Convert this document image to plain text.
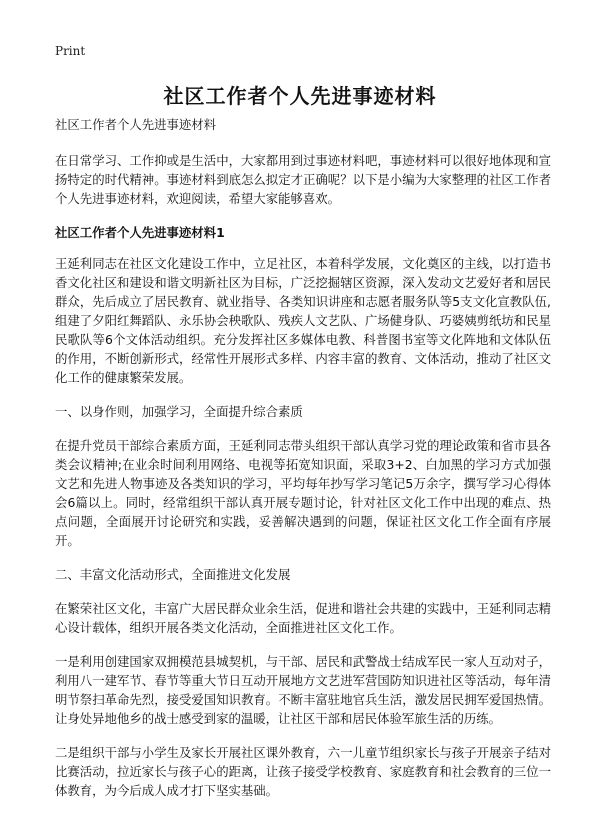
Print
社区工作者个人先进事迹材料

社区工作者个人先进事迹材料

在日常学习、工作抑或是生活中，大家都用到过事迹材料吧，事迹材料可以很好地体现和宣扬特定的时代精神。事迹材料到底怎么拟定才正确呢？以下是小编为大家整理的社区工作者个人先进事迹材料，欢迎阅读，希望大家能够喜欢。

社区工作者个人先进事迹材料1

王延利同志在社区文化建设工作中，立足社区，本着科学发展，文化奠区的主线，以打造书香文化社区和建设和谐文明新社区为目标，广泛挖掘辖区资源，深入发动文艺爱好者和居民群众，先后成立了居民教育、就业指导、各类知识讲座和志愿者服务队等5支文化宣教队伍,组建了夕阳红舞蹈队、永乐协会秧歌队、残疾人文艺队、广场健身队、巧婆姨剪纸坊和民星民歌队等6个文体活动组织。充分发挥社区多媒体电教、科普图书室等文化阵地和文体队伍的作用，不断创新形式，经常性开展形式多样、内容丰富的教育、文体活动，推动了社区文化工作的健康繁荣发展。

一、以身作则，加强学习，全面提升综合素质

在提升党员干部综合素质方面，王延利同志带头组织干部认真学习党的理论政策和省市县各类会议精神;在业余时间利用网络、电视等拓宽知识面，采取3+2、白加黑的学习方式加强文艺和先进人物事迹及各类知识的学习，平均每年抄写学习笔记5万余字，撰写学习心得体会6篇以上。同时，经常组织干部认真开展专题讨论，针对社区文化工作中出现的难点、热点问题，全面展开讨论研究和实践，妥善解决遇到的问题，保证社区文化工作全面有序展开。

二、丰富文化活动形式，全面推进文化发展

在繁荣社区文化，丰富广大居民群众业余生活，促进和谐社会共建的实践中，王延利同志精心设计载体，组织开展各类文化活动，全面推进社区文化工作。

一是利用创建国家双拥模范县城契机，与干部、居民和武警战士结成军民一家人互动对子，利用八一建军节、春节等重大节日互动开展地方文艺进军营国防知识进社区等活动，每年清明节祭扫革命先烈，接受爱国知识教育。不断丰富驻地官兵生活，激发居民拥军爱国热情。让身处异地他乡的战士感受到家的温暖，让社区干部和居民体验军旅生活的历练。

二是组织干部与小学生及家长开展社区课外教育，六一儿童节组织家长与孩子开展亲子结对比赛活动，拉近家长与孩子心的距离，让孩子接受学校教育、家庭教育和社会教育的三位一体教育，为今后成人成才打下坚实基础。
